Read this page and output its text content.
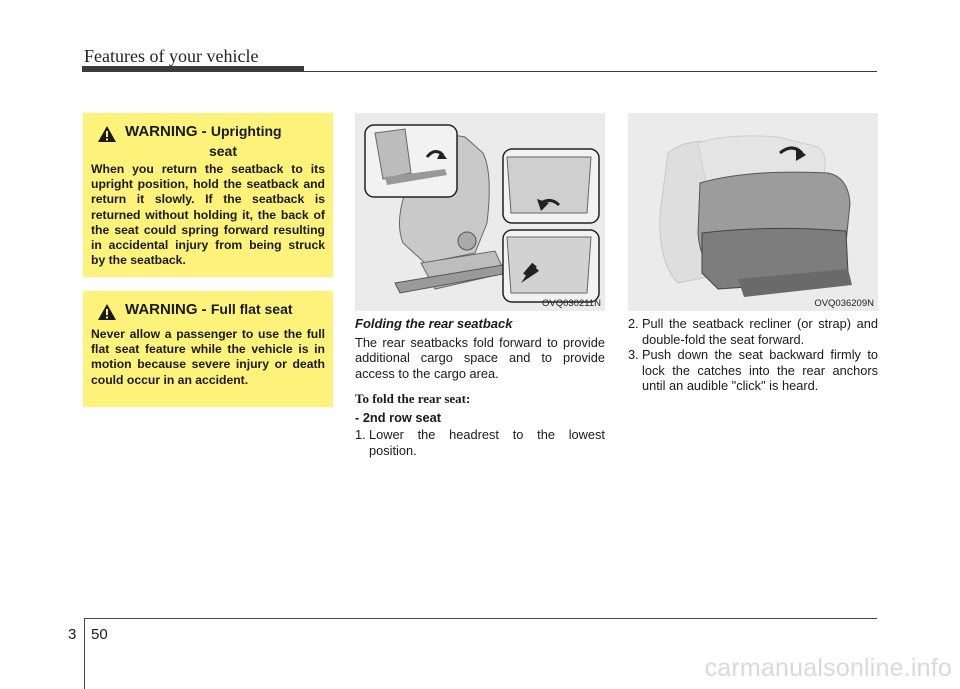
Features of your vehicle
WARNING - Uprighting
seat
When you return the seatback to its upright position, hold the seatback and return it slowly. If the seatback is returned without holding it, the back of the seat could spring forward resulting in accidental injury from being struck by the seatback.
WARNING - Full flat seat
Never allow a passenger to use the full flat seat feature while the vehicle is in motion because severe injury or death could occur in an accident.
OVQ030211N	OVQ036209N
Folding the rear seatback
The rear seatbacks fold forward to provide additional cargo space and to provide access to the cargo area.
To fold the rear seat:
- 2nd row seat
1. Lower the headrest to the lowest position.
2. Pull the seatback recliner (or strap) and double-fold the seat forward.
3. Push down the seat backward firmly to lock the catches into the rear anchors until an audible "click" is heard.
3 50
carmanualsonline.info
